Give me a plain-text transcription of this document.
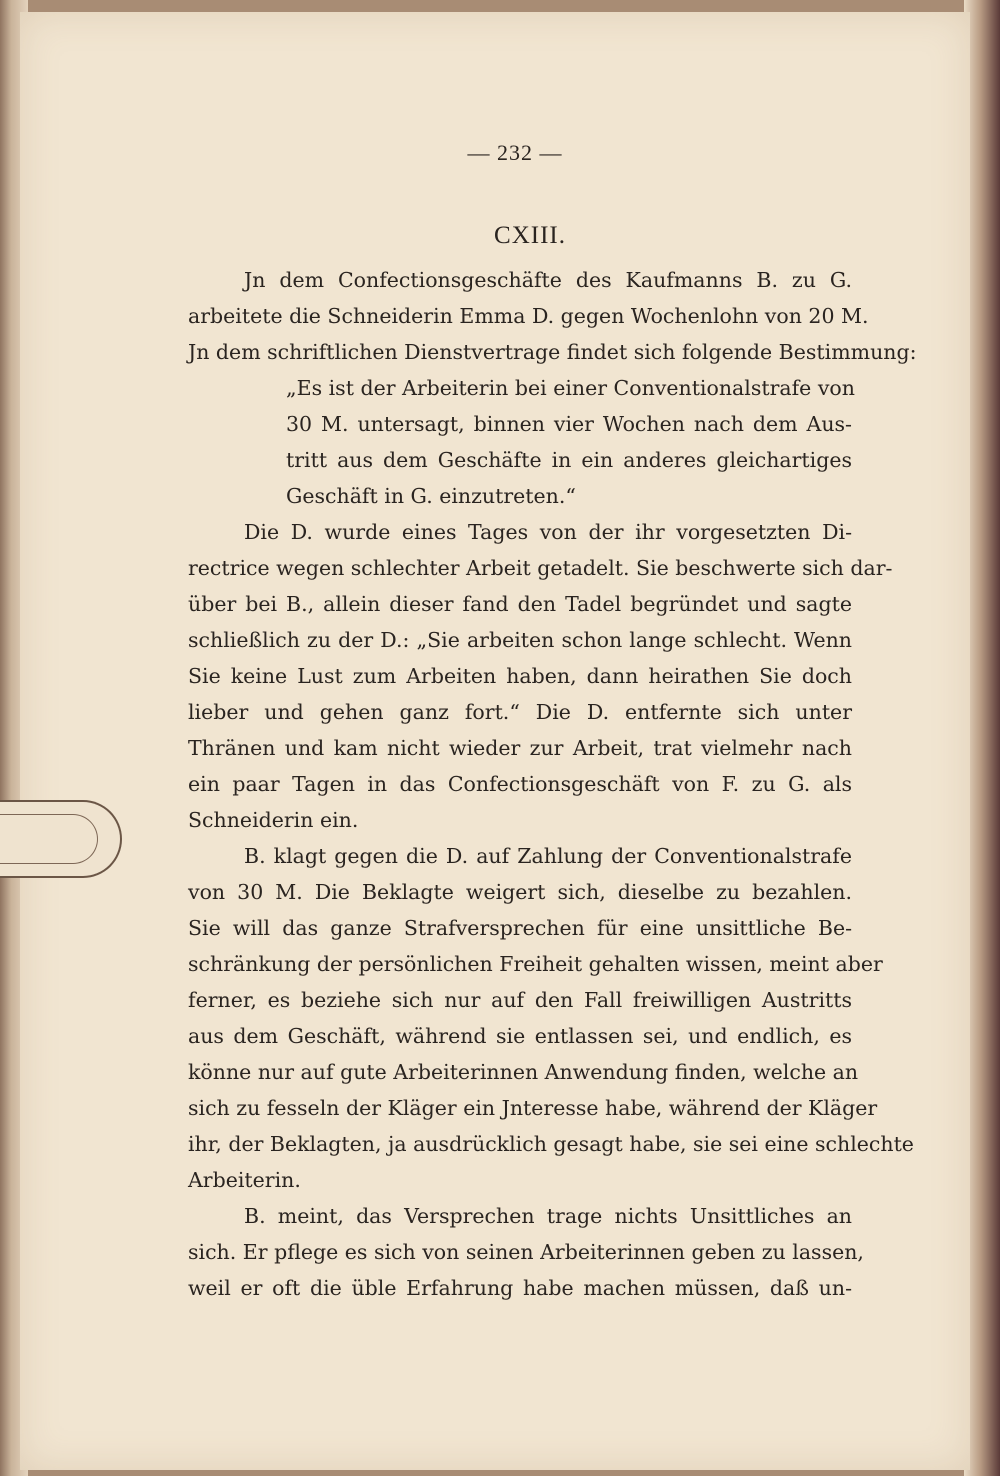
— 232 —
CXIII.
Jn dem Confectionsgeschäfte des Kaufmanns B. zu G.
arbeitete die Schneiderin Emma D. gegen Wochenlohn von 20 M.
Jn dem schriftlichen Dienstvertrage findet sich folgende Bestimmung:
„Es ist der Arbeiterin bei einer Conventionalstrafe von
30 M. untersagt, binnen vier Wochen nach dem Aus-
tritt aus dem Geschäfte in ein anderes gleichartiges
Geschäft in G. einzutreten.“
Die D. wurde eines Tages von der ihr vorgesetzten Di-
rectrice wegen schlechter Arbeit getadelt. Sie beschwerte sich dar-
über bei B., allein dieser fand den Tadel begründet und sagte
schließlich zu der D.: „Sie arbeiten schon lange schlecht. Wenn
Sie keine Lust zum Arbeiten haben, dann heirathen Sie doch
lieber und gehen ganz fort.“ Die D. entfernte sich unter
Thränen und kam nicht wieder zur Arbeit, trat vielmehr nach
ein paar Tagen in das Confectionsgeschäft von F. zu G. als
Schneiderin ein.
B. klagt gegen die D. auf Zahlung der Conventionalstrafe
von 30 M. Die Beklagte weigert sich, dieselbe zu bezahlen.
Sie will das ganze Strafversprechen für eine unsittliche Be-
schränkung der persönlichen Freiheit gehalten wissen, meint aber
ferner, es beziehe sich nur auf den Fall freiwilligen Austritts
aus dem Geschäft, während sie entlassen sei, und endlich, es
könne nur auf gute Arbeiterinnen Anwendung finden, welche an
sich zu fesseln der Kläger ein Jnteresse habe, während der Kläger
ihr, der Beklagten, ja ausdrücklich gesagt habe, sie sei eine schlechte
Arbeiterin.
B. meint, das Versprechen trage nichts Unsittliches an
sich. Er pflege es sich von seinen Arbeiterinnen geben zu lassen,
weil er oft die üble Erfahrung habe machen müssen, daß un-
